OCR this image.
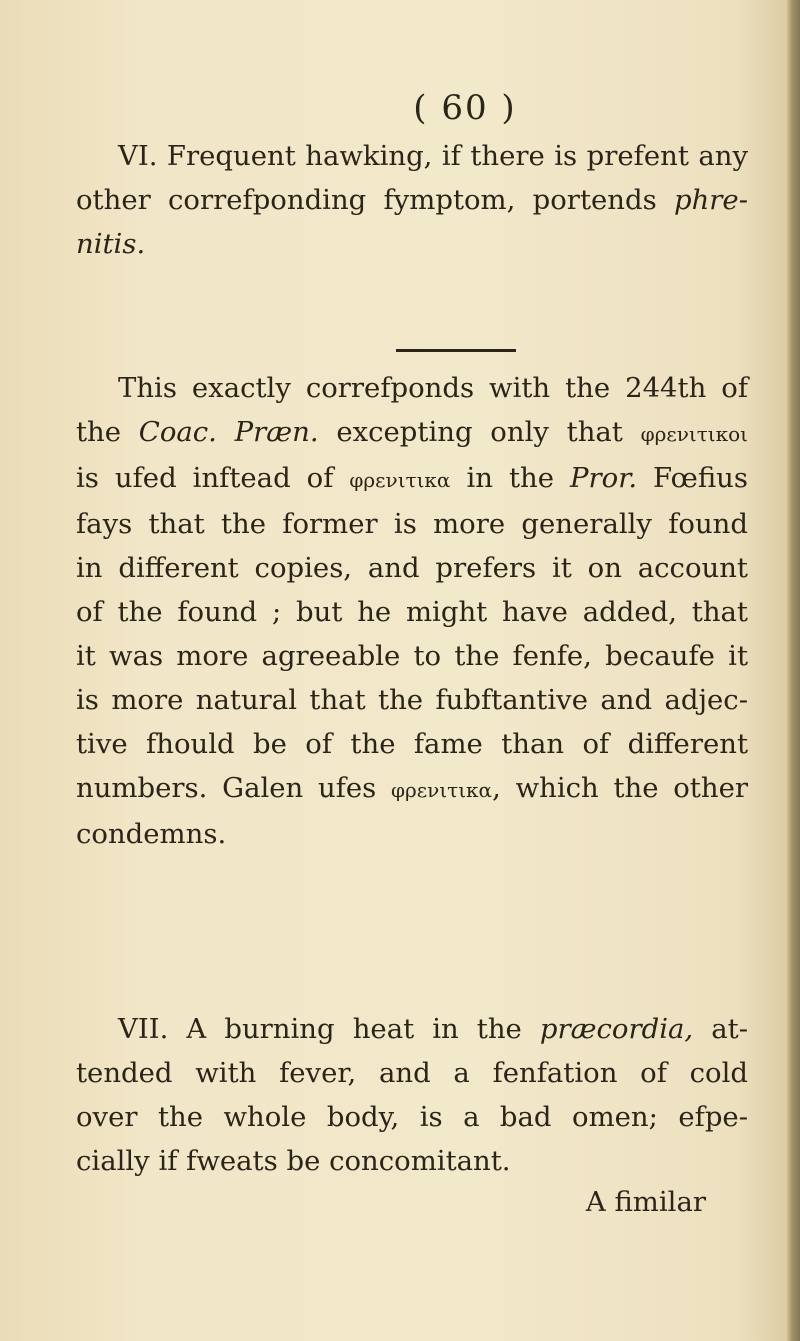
( 60 )
VI. Frequent hawking, if there is prefent any
other correfponding fymptom, portends phre-
nitis.
This exactly correfponds with the 244th of
the Coac. Præn. excepting only that φρενιτικοι
is ufed inftead of φρενιτικα in the Pror. Fœfius
fays that the former is more generally found
in different copies, and prefers it on account
of the found ; but he might have added, that
it was more agreeable to the fenfe, becaufe it
is more natural that the fubftantive and adjec-
tive fhould be of the fame than of different
numbers. Galen ufes φρενιτικα, which the other
condemns.
VII. A burning heat in the præcordia, at-
tended with fever, and a fenfation of cold
over the whole body, is a bad omen; efpe-
cially if fweats be concomitant.
A fimilar
